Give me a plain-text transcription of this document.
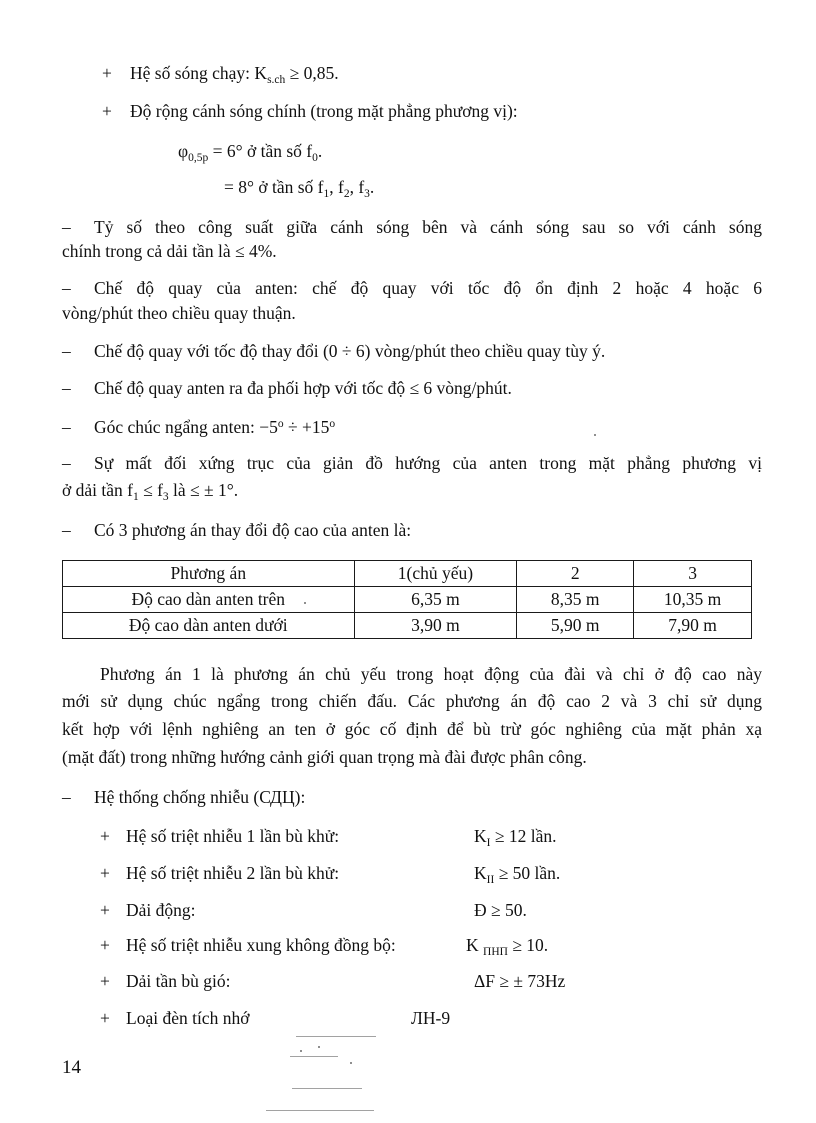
+ Hệ số sóng chạy: $K_{s.ch} \ge 0,85$.
+ Độ rộng cánh sóng chính (trong mặt phẳng phương vị):
$\varphi_{0,5p} = 6^\circ$ ở tần số $f_0$.
= 8° ở tần số $f_1$, $f_2$, $f_3$.
– Tỷ số theo công suất giữa cánh sóng bên và cánh sóng sau so với cánh sóng
chính trong cả dải tần là ≤ 4%.
– Chế độ quay của anten: chế độ quay với tốc độ ổn định 2 hoặc 4 hoặc 6
vòng/phút theo chiều quay thuận.
– Chế độ quay với tốc độ thay đổi (0 ÷ 6) vòng/phút theo chiều quay tùy ý.
– Chế độ quay anten ra đa phối hợp với tốc độ ≤ 6 vòng/phút.
– Góc chúc ngẩng anten: $-5^o \div +15^o$
– Sự mất đối xứng trục của giản đồ hướng của anten trong mặt phẳng phương vị
ở dải tần $f_1 \le f_3$ là ≤ ± 1°.
– Có 3 phương án thay đổi độ cao của anten là:
Phương án	1(chủ yếu)	2	3
Độ cao dàn anten trên	6,35 m	8,35 m	10,35 m
Độ cao dàn anten dưới	3,90 m	5,90 m	7,90 m
Phương án 1 là phương án chủ yếu trong hoạt động của đài và chỉ ở độ cao này
mới sử dụng chúc ngẩng trong chiến đấu. Các phương án độ cao 2 và 3 chỉ sử dụng
kết hợp với lệnh nghiêng an ten ở góc cố định để bù trừ góc nghiêng của mặt phản xạ
(mặt đất) trong những hướng cảnh giới quan trọng mà đài được phân công.
– Hệ thống chống nhiễu (СДЦ):
+ Hệ số triệt nhiễu 1 lần bù khử:	$K_I \ge 12$ lần.
+ Hệ số triệt nhiễu 2 lần bù khử:	$K_{II} \ge 50$ lần.
+ Dải động:	Đ ≥ 50.
+ Hệ số triệt nhiễu xung không đồng bộ:	K $_{ПНП}$ ≥ 10.
+ Dải tần bù gió:	ΔF ≥ ± 73Hz
+ Loại đèn tích nhớ	ЛН-9
14
